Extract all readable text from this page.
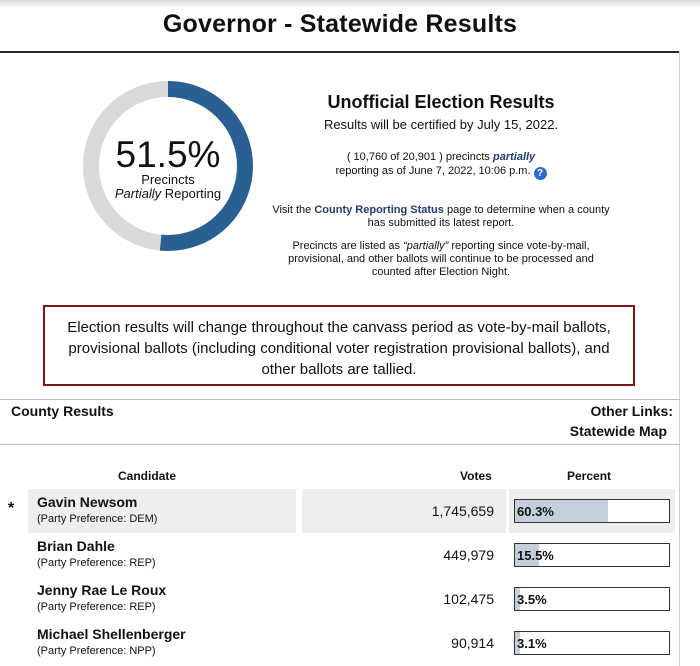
Governor - Statewide Results
51.5%
Precincts
Partially Reporting
Unofficial Election Results
Results will be certified by July 15, 2022.
( 10,760 of 20,901 ) precincts partially
reporting as of June 7, 2022, 10:06 p.m. ?
Visit the County Reporting Status page to determine when a county has submitted its latest report.
Precincts are listed as “partially” reporting since vote-by-mail, provisional, and other ballots will continue to be processed and counted after Election Night.
Election results will change throughout the canvass period as vote-by-mail ballots, provisional ballots (including conditional voter registration provisional ballots), and other ballots are tallied.
County Results	Other Links:
Statewide Map
Candidate	Votes	Percent
* Gavin Newsom
(Party Preference: DEM)	1,745,659 60.3%
Brian Dahle
(Party Preference: REP)	449,979 15.5%
Jenny Rae Le Roux
(Party Preference: REP)	102,475 3.5%
Michael Shellenberger
(Party Preference: NPP)	90,914 3.1%
